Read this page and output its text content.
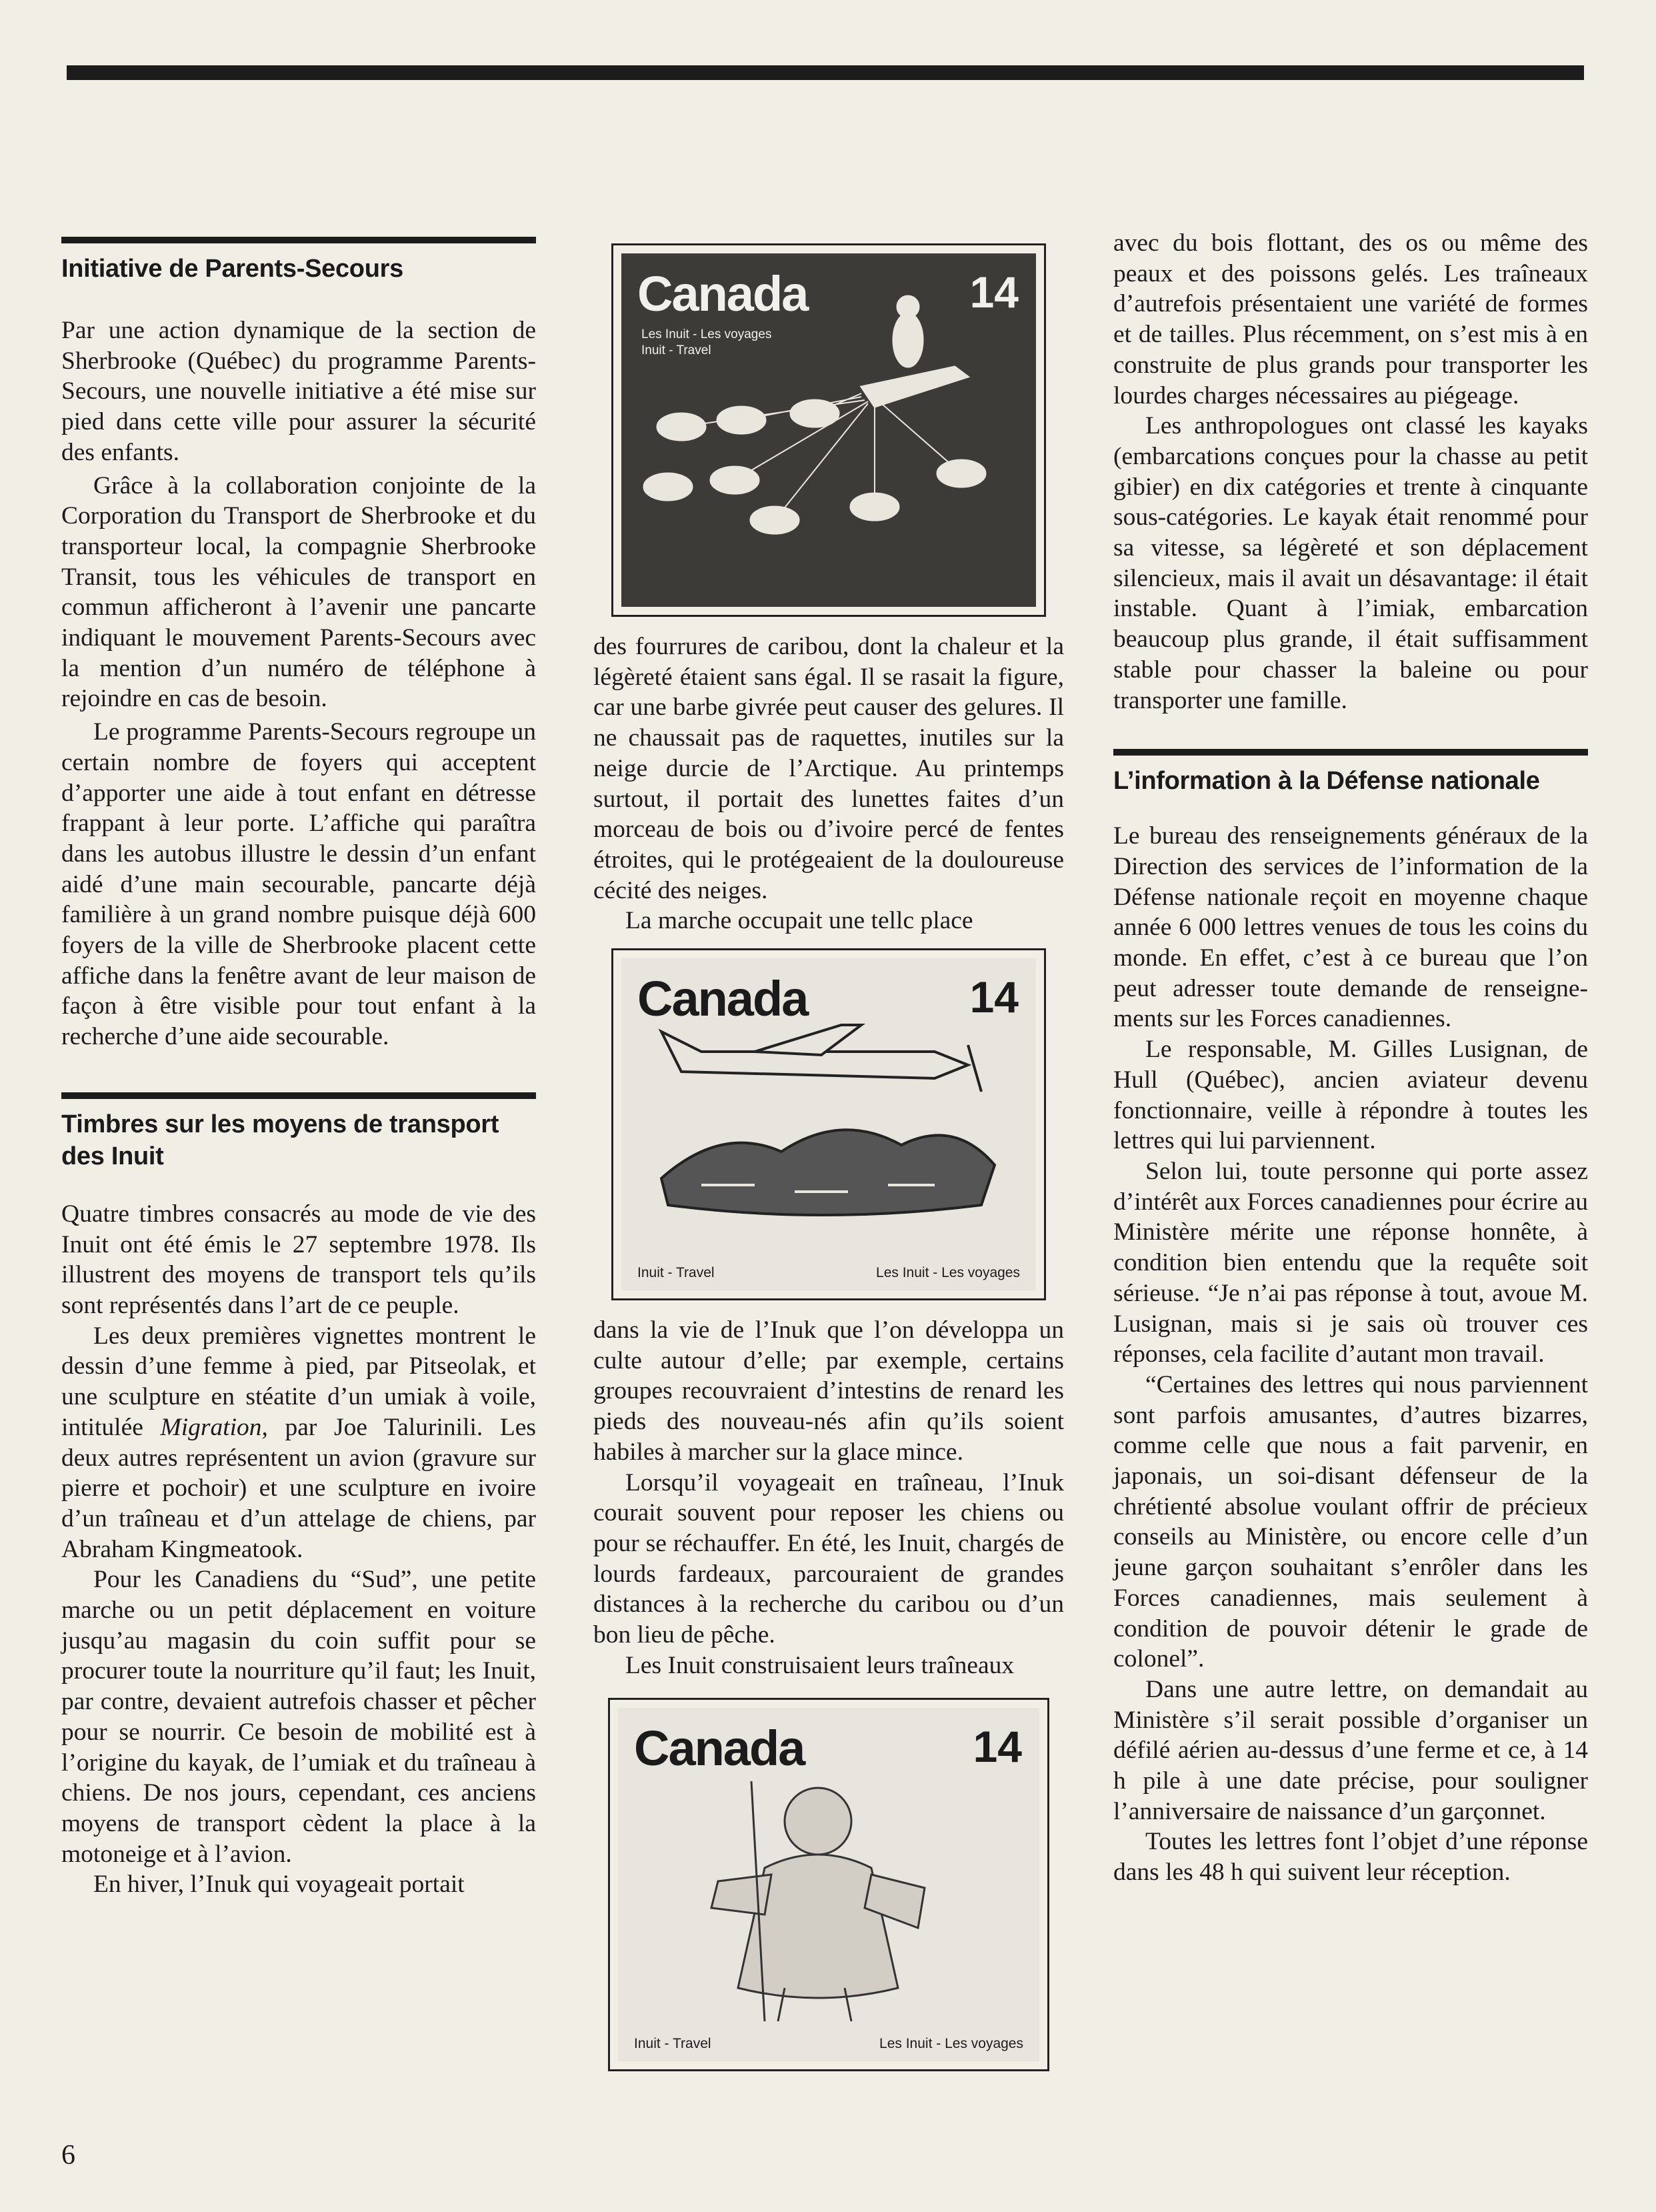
Initiative de Parents-Secours

Par une action dynamique de la section de Sherbrooke (Québec) du programme Parents-Secours, une nouvelle initiative a été mise sur pied dans cette ville pour assurer la sécurité des enfants.

Grâce à la collaboration conjointe de la Corporation du Transport de Sherbrooke et du transporteur local, la compagnie Sherbrooke Transit, tous les véhicules de transport en commun afficheront à l’avenir une pancarte indiquant le mouvement Parents-Secours avec la mention d’un numéro de téléphone à rejoindre en cas de besoin.

Le programme Parents-Secours regroupe un certain nombre de foyers qui acceptent d’apporter une aide à tout enfant en détresse frappant à leur porte. L’affiche qui paraîtra dans les autobus illustre le dessin d’un enfant aidé d’une main secourable, pancarte déjà familière à un grand nombre puisque déjà 600 foyers de la ville de Sherbrooke placent cette affiche dans la fenêtre avant de leur maison de façon à être visible pour tout enfant à la recherche d’une aide secourable.

Timbres sur les moyens de transport des Inuit

Quatre timbres consacrés au mode de vie des Inuit ont été émis le 27 septembre 1978. Ils illustrent des moyens de transport tels qu’ils sont représentés dans l’art de ce peuple.

Les deux premières vignettes montrent le dessin d’une femme à pied, par Pitseolak, et une sculpture en stéatite d’un umiak à voile, intitulée Migration, par Joe Talurinili. Les deux autres représentent un avion (gravure sur pierre et pochoir) et une sculpture en ivoire d’un traîneau et d’un attelage de chiens, par Abraham Kingmeatook.

Pour les Canadiens du “Sud”, une petite marche ou un petit déplacement en voiture jusqu’au magasin du coin suffit pour se procurer toute la nourriture qu’il faut; les Inuit, par contre, devaient autrefois chasser et pêcher pour se nourrir. Ce besoin de mobilité est à l’origine du kayak, de l’umiak et du traîneau à chiens. De nos jours, cependant, ces anciens moyens de transport cèdent la place à la motoneige et à l’avion.

En hiver, l’Inuk qui voyageait portait

Canada	14
Les Inuit - Les voyages
Inuit - Travel

des fourrures de caribou, dont la chaleur et la légèreté étaient sans égal. Il se rasait la figure, car une barbe givrée peut causer des gelures. Il ne chaussait pas de raquettes, inutiles sur la neige durcie de l’Arctique. Au printemps surtout, il portait des lunettes faites d’un morceau de bois ou d’ivoire percé de fentes étroites, qui le protégeaient de la douloureuse cécité des neiges.

La marche occupait une tellc place

Canada	14
Inuit - Travel	Les Inuit - Les voyages

dans la vie de l’Inuk que l’on développa un culte autour d’elle; par exemple, certains groupes recouvraient d’intestins de renard les pieds des nouveau-nés afin qu’ils soient habiles à marcher sur la glace mince.

Lorsqu’il voyageait en traîneau, l’Inuk courait souvent pour reposer les chiens ou pour se réchauffer. En été, les Inuit, chargés de lourds fardeaux, parcouraient de grandes distances à la recherche du caribou ou d’un bon lieu de pêche.

Les Inuit construisaient leurs traîneaux

Canada	14
Inuit - Travel	Les Inuit - Les voyages

avec du bois flottant, des os ou même des peaux et des poissons gelés. Les traîneaux d’autrefois présentaient une variété de formes et de tailles. Plus récemment, on s’est mis à en construite de plus grands pour transporter les lourdes charges nécessaires au piégeage.

Les anthropologues ont classé les kayaks (embarcations conçues pour la chasse au petit gibier) en dix catégories et trente à cinquante sous-catégories. Le kayak était renommé pour sa vitesse, sa légèreté et son déplacement silencieux, mais il avait un désavantage: il était instable. Quant à l’imiak, embarcation beaucoup plus grande, il était suffisamment stable pour chasser la baleine ou pour transporter une famille.

L’information à la Défense nationale

Le bureau des renseignements généraux de la Direction des services de l’information de la Défense nationale reçoit en moyenne chaque année 6 000 lettres venues de tous les coins du monde. En effet, c’est à ce bureau que l’on peut adresser toute demande de renseignements sur les Forces canadiennes.

Le responsable, M. Gilles Lusignan, de Hull (Québec), ancien aviateur devenu fonctionnaire, veille à répondre à toutes les lettres qui lui parviennent.

Selon lui, toute personne qui porte assez d’intérêt aux Forces canadiennes pour écrire au Ministère mérite une réponse honnête, à condition bien entendu que la requête soit sérieuse. “Je n’ai pas réponse à tout, avoue M. Lusignan, mais si je sais où trouver ces réponses, cela facilite d’autant mon travail.

“Certaines des lettres qui nous parviennent sont parfois amusantes, d’autres bizarres, comme celle que nous a fait parvenir, en japonais, un soi-disant défenseur de la chrétienté absolue voulant offrir de précieux conseils au Ministère, ou encore celle d’un jeune garçon souhaitant s’enrôler dans les Forces canadiennes, mais seulement à condition de pouvoir détenir le grade de colonel”.

Dans une autre lettre, on demandait au Ministère s’il serait possible d’organiser un défilé aérien au-dessus d’une ferme et ce, à 14 h pile à une date précise, pour souligner l’anniversaire de naissance d’un garçonnet.

Toutes les lettres font l’objet d’une réponse dans les 48 h qui suivent leur réception.

6
